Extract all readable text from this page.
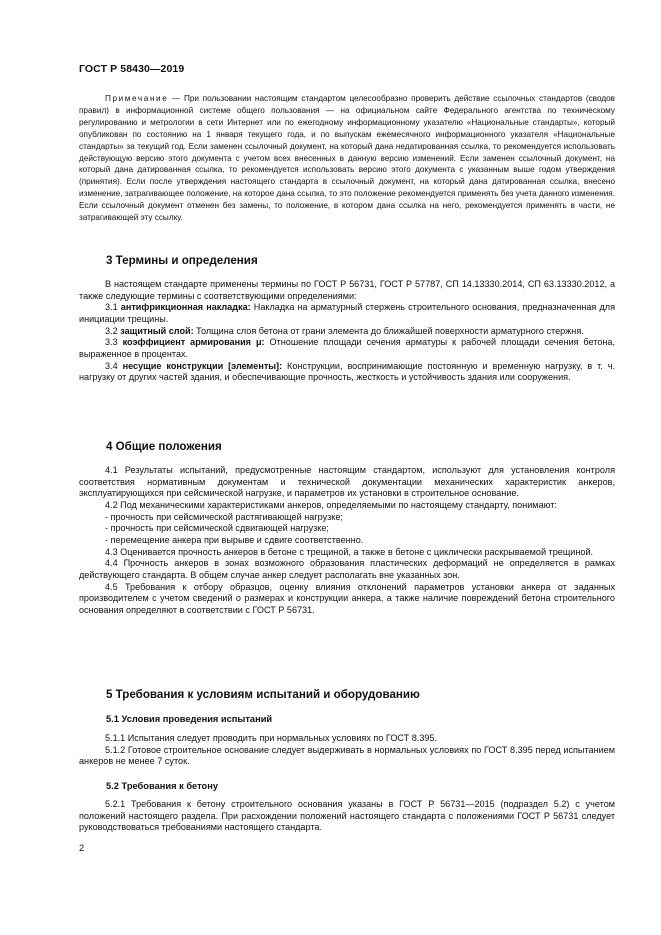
ГОСТ Р 58430—2019

Примечание — При пользовании настоящим стандартом целесообразно проверить действие ссылочных стандартов (сводов правил) в информационной системе общего пользования — на официальном сайте Федерального агентства по техническому регулированию и метрологии в сети Интернет или по ежегодному информационному указателю «Национальные стандарты», который опубликован по состоянию на 1 января текущего года, и по выпускам ежемесячного информационного указателя «Национальные стандарты» за текущий год. Если заменен ссылочный документ, на который дана недатированная ссылка, то рекомендуется использовать действующую версию этого документа с учетом всех внесенных в данную версию изменений. Если заменен ссылочный документ, на который дана датированная ссылка, то рекомендуется использовать версию этого документа с указанным выше годом утверждения (принятия). Если после утверждения настоящего стандарта в ссылочный документ, на который дана датированная ссылка, внесено изменение, затрагивающее положение, на которое дана ссылка, то это положение рекомендуется применять без учета данного изменения. Если ссылочный документ отменен без замены, то положение, в котором дана ссылка на него, рекомендуется применять в части, не затрагивающей эту ссылку.

3 Термины и определения

В настоящем стандарте применены термины по ГОСТ Р 56731, ГОСТ Р 57787, СП 14.13330.2014, СП 63.13330.2012, а также следующие термины с соответствующими определениями:

3.1 антифрикционная накладка: Накладка на арматурный стержень строительного основания, предназначенная для инициации трещины.

3.2 защитный слой: Толщина слоя бетона от грани элемента до ближайшей поверхности арматурного стержня.

3.3 коэффициент армирования μ: Отношение площади сечения арматуры к рабочей площади сечения бетона, выраженное в процентах.

3.4 несущие конструкции [элементы]: Конструкции, воспринимающие постоянную и временную нагрузку, в т. ч. нагрузку от других частей здания, и обеспечивающие прочность, жесткость и устойчивость здания или сооружения.

4 Общие положения

4.1 Результаты испытаний, предусмотренные настоящим стандартом, используют для установления контроля соответствия нормативным документам и технической документации механических характеристик анкеров, эксплуатирующихся при сейсмической нагрузке, и параметров их установки в строительное основание.

4.2 Под механическими характеристиками анкеров, определяемыми по настоящему стандарту, понимают:

- прочность при сейсмической растягивающей нагрузке;

- прочность при сейсмической сдвигающей нагрузке;

- перемещение анкера при вырыве и сдвиге соответственно.

4.3 Оценивается прочность анкеров в бетоне с трещиной, а также в бетоне с циклически раскрываемой трещиной.

4.4 Прочность анкеров в зонах возможного образования пластических деформаций не определяется в рамках действующего стандарта. В общем случае анкер следует располагать вне указанных зон.

4.5 Требования к отбору образцов, оценку влияния отклонений параметров установки анкера от заданных производителем с учетом сведений о размерах и конструкции анкера, а также наличие повреждений бетона строительного основания определяют в соответствии с ГОСТ Р 56731.

5 Требования к условиям испытаний и оборудованию
5.1 Условия проведения испытаний

5.1.1 Испытания следует проводить при нормальных условиях по ГОСТ 8.395.

5.1.2 Готовое строительное основание следует выдерживать в нормальных условиях по ГОСТ 8.395 перед испытанием анкеров не менее 7 суток.

5.2 Требования к бетону

5.2.1 Требования к бетону строительного основания указаны в ГОСТ Р 56731—2015 (подраздел 5.2) с учетом положений настоящего раздела. При расхождении положений настоящего стандарта с положениями ГОСТ Р 56731 следует руководствоваться требованиями настоящего стандарта.

2
